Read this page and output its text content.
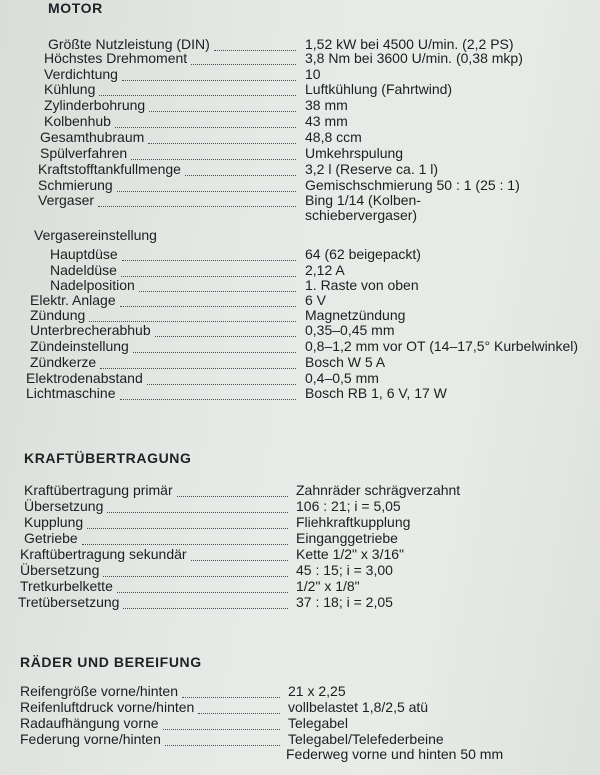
MOTOR
Größte Nutzleistung (DIN)	1,52 kW bei 4500 U/min. (2,2 PS)
Höchstes Drehmoment	3,8 Nm bei 3600 U/min. (0,38 mkp)
Verdichtung	10
Kühlung	Luftkühlung (Fahrtwind)
Zylinderbohrung	38 mm
Kolbenhub	43 mm
Gesamthubraum	48,8 ccm
Spülverfahren	Umkehrspulung
Kraftstofftankfullmenge	3,2 l (Reserve ca. 1 l)
Schmierung	Gemischschmierung 50 : 1 (25 : 1)
Vergaser	Bing 1/14 (Kolben-
schiebervergaser)
Vergasereinstellung
Hauptdüse	64 (62 beigepackt)
Nadeldüse	2,12 A
Nadelposition	1. Raste von oben
Elektr. Anlage	6 V
Zündung	Magnetzündung
Unterbrecherabhub	0,35–0,45 mm
Zündeinstellung	0,8–1,2 mm vor OT (14–17,5° Kurbelwinkel)
Zündkerze	Bosch W 5 A
Elektrodenabstand	0,4–0,5 mm
Lichtmaschine	Bosch RB 1, 6 V, 17 W
KRAFTÜBERTRAGUNG
Kraftübertragung primär	Zahnräder schrägverzahnt
Übersetzung	106 : 21; i = 5,05
Kupplung	Fliehkraftkupplung
Getriebe	Einganggetriebe
Kraftübertragung sekundär	Kette 1/2" x 3/16"
Übersetzung	45 : 15; i = 3,00
Tretkurbelkette	1/2" x 1/8"
Tretübersetzung	37 : 18; i = 2,05
RÄDER UND BEREIFUNG
Reifengröße vorne/hinten	21 x 2,25
Reifenluftdruck vorne/hinten	vollbelastet 1,8/2,5 atü
Radaufhängung vorne	Telegabel
Federung vorne/hinten	Telegabel/Telefederbeine
Federweg vorne und hinten 50 mm
